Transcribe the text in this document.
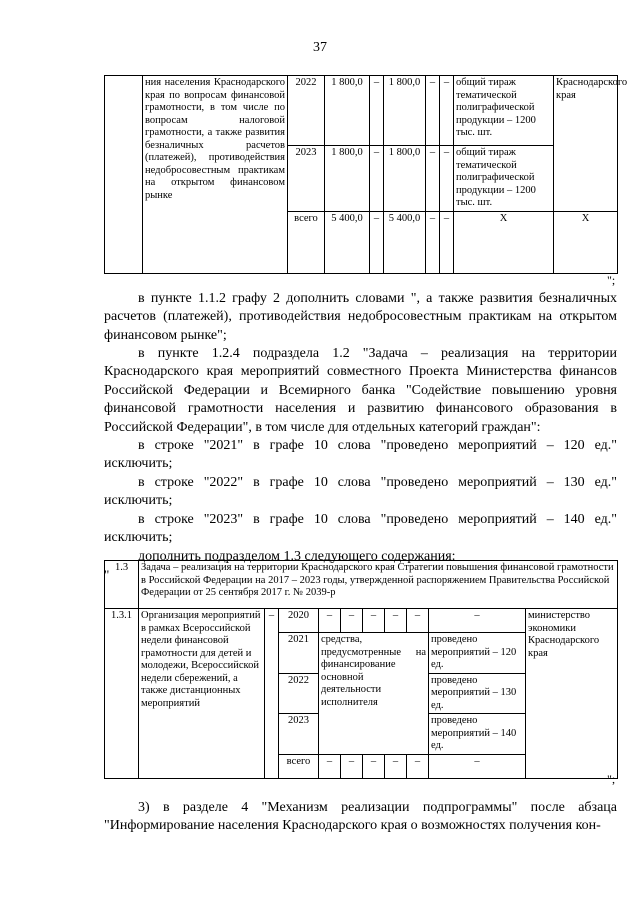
37
	ния населения Краснодарского края по вопросам финансовой грамотности, в том числе по вопросам налоговой грамотности, а также развития безналичных расчетов (платежей), противодействия недобросовестным практикам на открытом финансовом рынке	2022	1 800,0	–	1 800,0	–	–	общий тираж тематической полиграфической продукции – 1200 тыс. шт.	Краснодарского края
		2023	1 800,0	–	1 800,0	–	–	общий тираж тематической полиграфической продукции – 1200 тыс. шт.	
		всего	5 400,0	–	5 400,0	–	–	Х	Х
";
в пункте 1.1.2 графу 2 дополнить словами ", а также развития безналичных расчетов (платежей), противодействия недобросовестным практикам на открытом финансовом рынке";
в пункте 1.2.4 подраздела 1.2 "Задача – реализация на территории Краснодарского края мероприятий совместного Проекта Министерства финансов Российской Федерации и Всемирного банка "Содействие повышению уровня финансовой грамотности населения и развитию финансового образования в Российской Федерации", в том числе для отдельных категорий граждан":
в строке "2021" в графе 10 слова "проведено мероприятий – 120 ед." исключить;
в строке "2022" в графе 10 слова "проведено мероприятий – 130 ед." исключить;
в строке "2023" в графе 10 слова "проведено мероприятий – 140 ед." исключить;
дополнить подразделом 1.3 следующего содержания:
" 1.3	Задача – реализация на территории Краснодарского края Стратегии повышения финансовой грамотности в Российской Федерации на 2017 – 2023 годы, утвержденной распоряжением Правительства Российской Федерации от 25 сентября 2017 г. № 2039-р									
1.3.1	Организация мероприятий в рамках Всероссийской недели финансовой грамотности для детей и молодежи, Всероссийской недели сбережений, а также дистанционных мероприятий	–	2020	–	–	–	–	–	–	министерство экономики Краснодарского края
			2021	средства, предусмотренные на финансирование основной деятельности исполнителя					проведено мероприятий – 120 ед.	
			2022						проведено мероприятий – 130 ед.	
			2023						проведено мероприятий – 140 ед.	
			всего	–	–	–	–	–	–	
";
3) в разделе 4 "Механизм реализации подпрограммы" после абзаца "Информирование населения Краснодарского края о возможностях получения кон-
